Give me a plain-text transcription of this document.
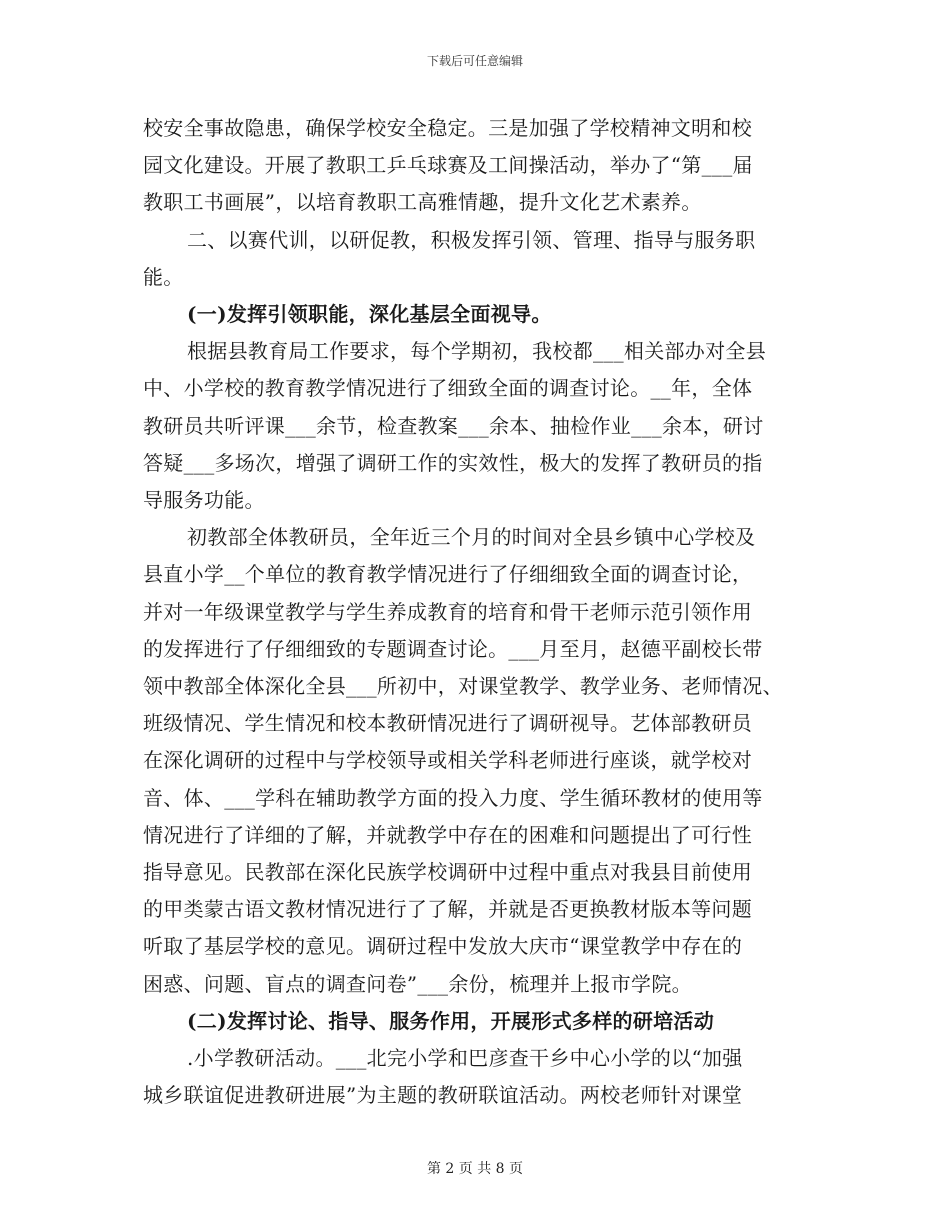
下载后可任意编辑
校安全事故隐患，确保学校安全稳定。三是加强了学校精神文明和校
园文化建设。开展了教职工乒乓球赛及工间操活动，举办了“第___届
教职工书画展”，以培育教职工高雅情趣，提升文化艺术素养。
二、以赛代训，以研促教，积极发挥引领、管理、指导与服务职
能。
(一)发挥引领职能，深化基层全面视导。
根据县教育局工作要求，每个学期初，我校都___相关部办对全县
中、小学校的教育教学情况进行了细致全面的调查讨论。__年，全体
教研员共听评课___余节，检查教案___余本、抽检作业___余本，研讨
答疑___多场次，增强了调研工作的实效性，极大的发挥了教研员的指
导服务功能。
初教部全体教研员，全年近三个月的时间对全县乡镇中心学校及
县直小学__个单位的教育教学情况进行了仔细细致全面的调查讨论，
并对一年级课堂教学与学生养成教育的培育和骨干老师示范引领作用
的发挥进行了仔细细致的专题调查讨论。___月至月，赵德平副校长带
领中教部全体深化全县___所初中，对课堂教学、教学业务、老师情况、
班级情况、学生情况和校本教研情况进行了调研视导。艺体部教研员
在深化调研的过程中与学校领导或相关学科老师进行座谈，就学校对
音、体、___学科在辅助教学方面的投入力度、学生循环教材的使用等
情况进行了详细的了解，并就教学中存在的困难和问题提出了可行性
指导意见。民教部在深化民族学校调研中过程中重点对我县目前使用
的甲类蒙古语文教材情况进行了了解，并就是否更换教材版本等问题
听取了基层学校的意见。调研过程中发放大庆市“课堂教学中存在的
困惑、问题、盲点的调查问卷”___余份，梳理并上报市学院。
(二)发挥讨论、指导、服务作用，开展形式多样的研培活动
.小学教研活动。___北完小学和巴彦查干乡中心小学的以“加强
城乡联谊促进教研进展”为主题的教研联谊活动。两校老师针对课堂
第 2 页 共 8 页
